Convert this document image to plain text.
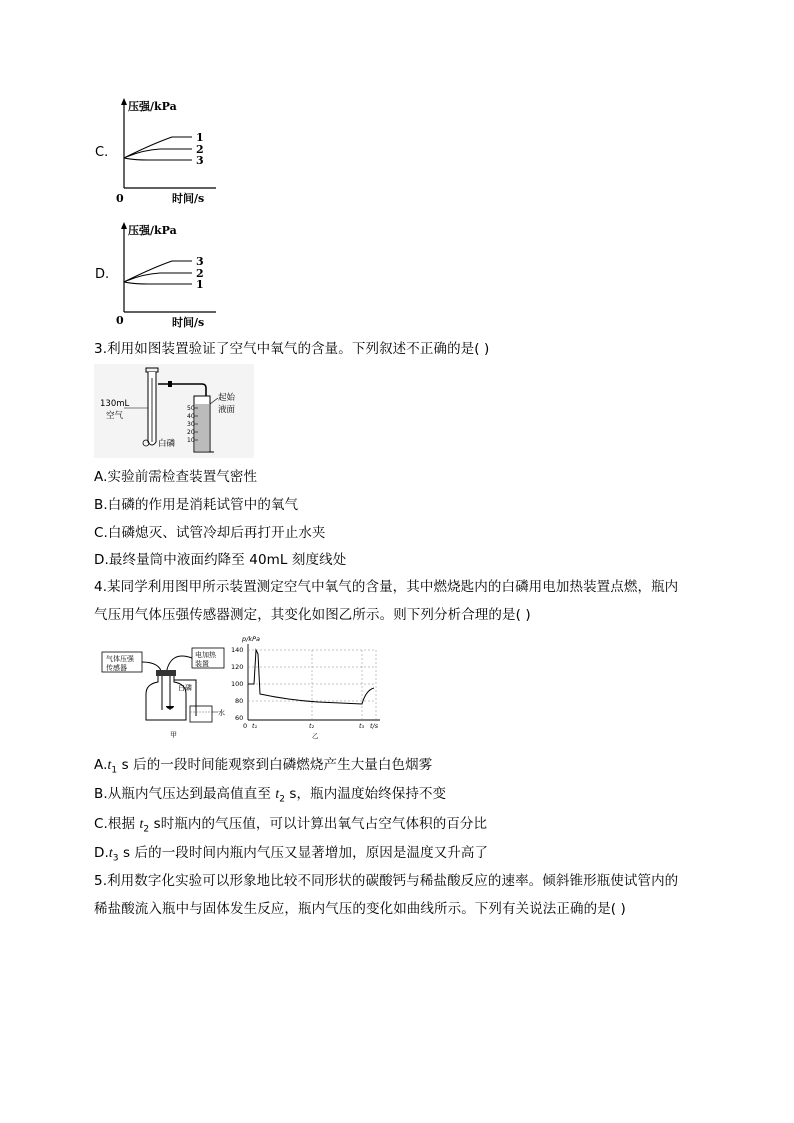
C.
压强/kPa
0	时间/s
1
2
3
D.
压强/kPa
0	时间/s
3
2
1
3.利用如图装置验证了空气中氧气的含量。下列叙述不正确的是( )
50
40
30
20
10
130mL
空气
白磷
起始
液面
A.实验前需检查装置气密性
B.白磷的作用是消耗试管中的氧气
C.白磷熄灭、试管冷却后再打开止水夹
D.最终量筒中液面约降至 40mL 刻度线处
4.某同学利用图甲所示装置测定空气中氧气的含量，其中燃烧匙内的白磷用电加热装置点燃，瓶内
气压用气体压强传感器测定，其变化如图乙所示。则下列分析合理的是( )
气体压强
传感器
电加热
装置
白磷
水
甲
p/kPa
140
120
100
80
60
0 t₁	t₂	t₃ t/s
乙
$A.t_1$ s 后的一段时间能观察到白磷燃烧产生大量白色烟雾
B.从瓶内气压达到最高值直至 $t_2$ s，瓶内温度始终保持不变
C.根据 $t_2$ s时瓶内的气压值，可以计算出氧气占空气体积的百分比
$D.t_3$ s 后的一段时间内瓶内气压又显著增加，原因是温度又升高了
5.利用数字化实验可以形象地比较不同形状的碳酸钙与稀盐酸反应的速率。倾斜锥形瓶使试管内的
稀盐酸流入瓶中与固体发生反应，瓶内气压的变化如曲线所示。下列有关说法正确的是( )
